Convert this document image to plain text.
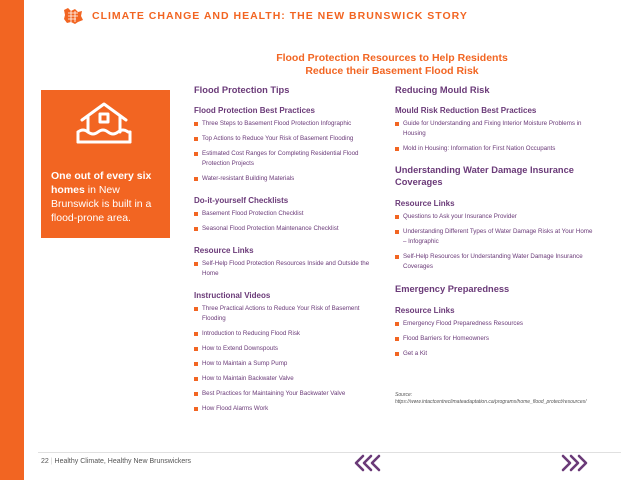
CLIMATE CHANGE AND HEALTH: THE NEW BRUNSWICK STORY
Flood Protection Resources to Help Residents
Reduce their Basement Flood Risk
One out of every six homes in New Brunswick is built in a flood-prone area.
Flood Protection Tips
Flood Protection Best Practices
Three Steps to Basement Flood Protection Infographic
Top Actions to Reduce Your Risk of Basement Flooding
Estimated Cost Ranges for Completing Residential Flood Protection Projects
Water-resistant Building Materials
Do-it-yourself Checklists
Basement Flood Protection Checklist
Seasonal Flood Protection Maintenance Checklist
Resource Links
Self-Help Flood Protection Resources Inside and Outside the Home
Instructional Videos
Three Practical Actions to Reduce Your Risk of Basement Flooding
Introduction to Reducing Flood Risk
How to Extend Downspouts
How to Maintain a Sump Pump
How to Maintain Backwater Valve
Best Practices for Maintaining Your Backwater Valve
How Flood Alarms Work
Reducing Mould Risk
Mould Risk Reduction Best Practices
Guide for Understanding and Fixing Interior Moisture Problems in Housing
Mold in Housing: Information for First Nation Occupants
Understanding Water Damage Insurance Coverages
Resource Links
Questions to Ask your Insurance Provider
Understanding Different Types of Water Damage Risks at Your Home – Infographic
Self-Help Resources for Understanding Water Damage Insurance Coverages
Emergency Preparedness
Resource Links
Emergency Flood Preparedness Resources
Flood Barriers for Homeowners
Get a Kit
Source: https://www.intactcentreclimateadaptation.ca/programs/home_flood_protect/resources/
22 | Healthy Climate, Healthy New Brunswickers
